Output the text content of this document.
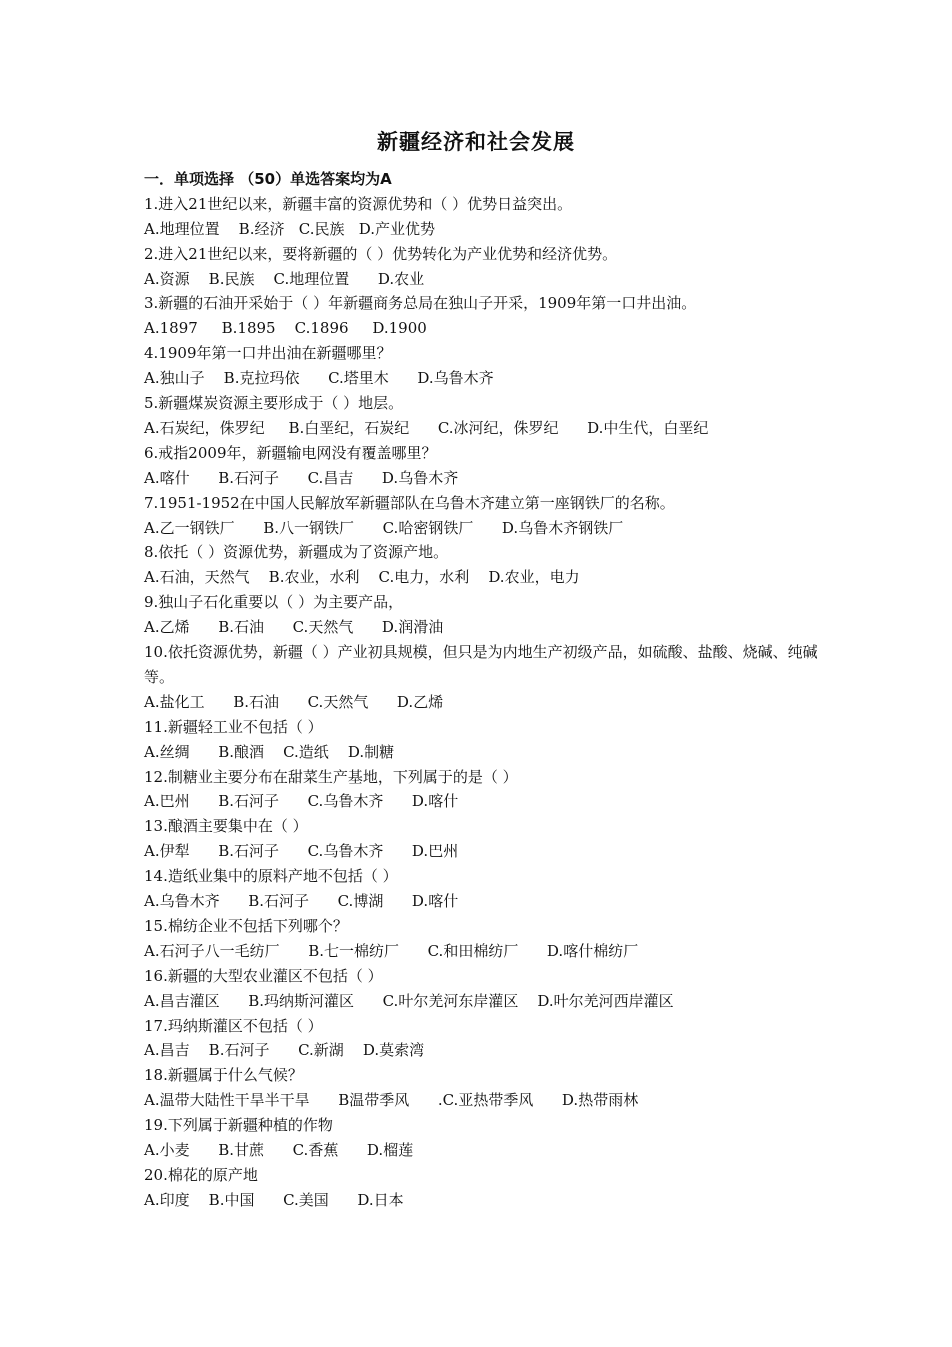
新疆经济和社会发展
一．单项选择 （50）单选答案均为A
1.进入21世纪以来，新疆丰富的资源优势和（ ）优势日益突出。
A.地理位置    B.经济   C.民族   D.产业优势
2.进入21世纪以来，要将新疆的（ ）优势转化为产业优势和经济优势。
A.资源    B.民族    C.地理位置      D.农业
3.新疆的石油开采始于（ ）年新疆商务总局在独山子开采，1909年第一口井出油。
A.1897     B.1895    C.1896     D.1900
4.1909年第一口井出油在新疆哪里？
A.独山子    B.克拉玛依      C.塔里木      D.乌鲁木齐
5.新疆煤炭资源主要形成于（ ）地层。
A.石炭纪，侏罗纪     B.白垩纪，石炭纪      C.冰河纪，侏罗纪      D.中生代，白垩纪
6.戒指2009年，新疆输电网没有覆盖哪里？
A.喀什      B.石河子      C.昌吉      D.乌鲁木齐
7.1951-1952在中国人民解放军新疆部队在乌鲁木齐建立第一座钢铁厂的名称。
A.乙一钢铁厂      B.八一钢铁厂      C.哈密钢铁厂      D.乌鲁木齐钢铁厂
8.依托（ ）资源优势，新疆成为了资源产地。
A.石油，天然气    B.农业，水利    C.电力，水利    D.农业，电力
9.独山子石化重要以（ ）为主要产品，
A.乙烯      B.石油      C.天然气      D.润滑油
10.依托资源优势，新疆（ ）产业初具规模，但只是为内地生产初级产品，如硫酸、盐酸、烧碱、纯碱等。
A.盐化工      B.石油      C.天然气      D.乙烯
11.新疆轻工业不包括（ ）
A.丝绸      B.酿酒    C.造纸    D.制糖
12.制糖业主要分布在甜菜生产基地，下列属于的是（ ）
A.巴州      B.石河子      C.乌鲁木齐      D.喀什
13.酿酒主要集中在（ ）
A.伊犁      B.石河子      C.乌鲁木齐      D.巴州
14.造纸业集中的原料产地不包括（ ）
A.乌鲁木齐      B.石河子      C.博湖      D.喀什
15.棉纺企业不包括下列哪个？
A.石河子八一毛纺厂      B.七一棉纺厂      C.和田棉纺厂      D.喀什棉纺厂
16.新疆的大型农业灌区不包括（ ）
A.昌吉灌区      B.玛纳斯河灌区      C.叶尔羌河东岸灌区    D.叶尔羌河西岸灌区
17.玛纳斯灌区不包括（ ）
A.昌吉    B.石河子      C.新湖    D.莫索湾
18.新疆属于什么气候？
A.温带大陆性干旱半干旱      B温带季风      .C.亚热带季风      D.热带雨林
19.下列属于新疆种植的作物
A.小麦      B.甘蔗      C.香蕉      D.榴莲
20.棉花的原产地
A.印度    B.中国      C.美国      D.日本
